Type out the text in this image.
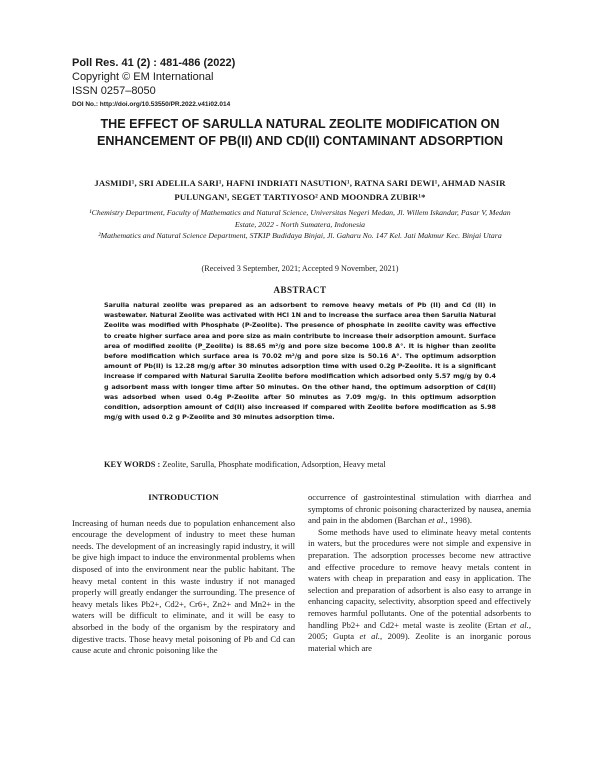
Poll Res. 41 (2) : 481-486 (2022)
Copyright © EM International
ISSN 0257–8050
DOI No.: http://doi.org/10.53550/PR.2022.v41i02.014
THE EFFECT OF SARULLA NATURAL ZEOLITE MODIFICATION ON ENHANCEMENT OF PB(II) AND CD(II) CONTAMINANT ADSORPTION
JASMIDI¹, SRI ADELILA SARI¹, HAFNI INDRIATI NASUTION¹, RATNA SARI DEWI¹, AHMAD NASIR PULUNGAN¹, SEGET TARTIYOSO² AND MOONDRA ZUBIR¹*

¹Chemistry Department, Faculty of Mathematics and Natural Science, Universitas Negeri Medan, Jl. Willem Iskandar, Pasar V, Medan Estate, 2022 - North Sumatera, Indonesia

²Mathematics and Natural Science Department, STKIP Budidaya Binjai, Jl. Gaharu No. 147 Kel. Jati Makmur Kec. Binjai Utara

(Received 3 September, 2021; Accepted 9 November, 2021)
ABSTRACT
Sarulla natural zeolite was prepared as an adsorbent to remove heavy metals of Pb (II) and Cd (II) in wastewater. Natural Zeolite was activated with HCl 1N and to increase the surface area then Sarulla Natural Zeolite was modified with Phosphate (P-Zeolite). The presence of phosphate in zeolite cavity was effective to create higher surface area and pore size as main contribute to increase their adsorption amount. Surface area of modified zeolite (P_Zeolite) is 88.65 m²/g and pore size become 100.8 A°. It is higher than zeolite before modification which surface area is 70.02 m²/g and pore size is 50.16 A°. The optimum adsorption amount of Pb(II) is 12.28 mg/g after 30 minutes adsorption time with used 0.2g P-Zeolite. It is a significant increase if compared with Natural Sarulla Zeolite before modification which adsorbed only 5.57 mg/g by 0.4 g adsorbent mass with longer time after 50 minutes. On the other hand, the optimum adsorption of Cd(II) was adsorbed when used 0.4g P-Zeolite after 50 minutes as 7.09 mg/g. In this optimum adsorption condition, adsorption amount of Cd(II) also increased if compared with Zeolite before modification as 5.98 mg/g with used 0.2 g P-Zeolite and 30 minutes adsorption time.
KEY WORDS : Zeolite, Sarulla, Phosphate modification, Adsorption, Heavy metal
INTRODUCTION

Increasing of human needs due to population enhancement also encourage the development of industry to meet these human needs. The development of an increasingly rapid industry, it will be give high impact to induce the environmental problems when disposed of into the environment near the public habitant. The heavy metal content in this waste industry if not managed properly will greatly endanger the surrounding. The presence of heavy metals likes Pb2+, Cd2+, Cr6+, Zn2+ and Mn2+ in the waters will be difficult to eliminate, and it will be easy to absorbed in the body of the organism by the respiratory and digestive tracts. Those heavy metal poisoning of Pb and Cd can cause acute and chronic poisoning like the

occurrence of gastrointestinal stimulation with diarrhea and symptoms of chronic poisoning characterized by nausea, anemia and pain in the abdomen (Barchan et al., 1998).

Some methods have used to eliminate heavy metal contents in waters, but the procedures were not simple and expensive in preparation. The adsorption processes become new attractive and effective procedure to remove heavy metals content in waters with cheap in preparation and easy in application. The selection and preparation of adsorbent is also easy to arrange in enhancing capacity, selectivity, absorption speed and effectively removes harmful pollutants. One of the potential adsorbents to handling Pb2+ and Cd2+ metal waste is zeolite (Ertan et al., 2005; Gupta et al., 2009). Zeolite is an inorganic porous material which are
